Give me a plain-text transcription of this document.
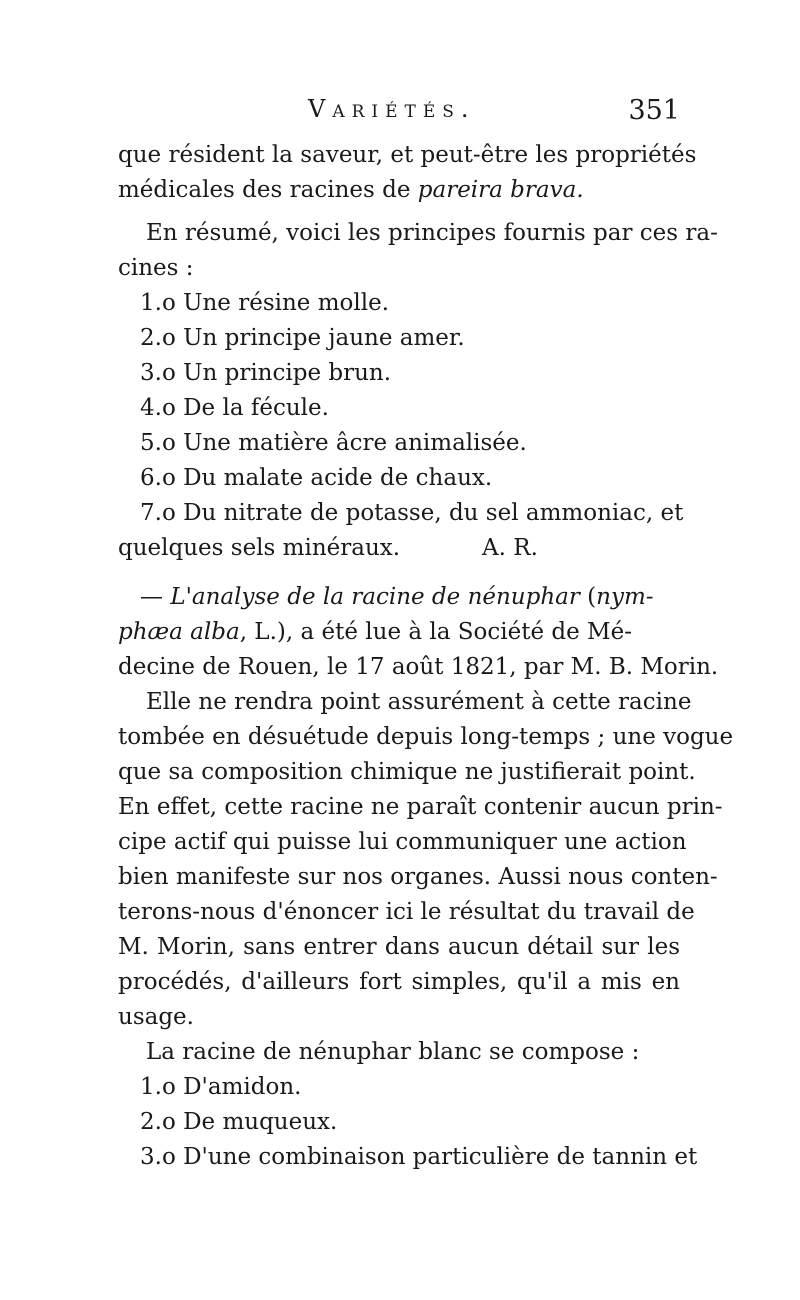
Variétés.	351
que résident la saveur, et peut-être les propriétés
médicales des racines de pareira brava.
En résumé, voici les principes fournis par ces ra-
cines :
1.o Une résine molle.
2.o Un principe jaune amer.
3.o Un principe brun.
4.o De la fécule.
5.o Une matière âcre animalisée.
6.o Du malate acide de chaux.
7.o Du nitrate de potasse, du sel ammoniac, et
quelques sels minéraux.	A. R.
— L'analyse de la racine de nénuphar (nym-
phæa alba, L.), a été lue à la Société de Mé-
decine de Rouen, le 17 août 1821, par M. B. Morin.
Elle ne rendra point assurément à cette racine
tombée en désuétude depuis long-temps ; une vogue
que sa composition chimique ne justifierait point.
En effet, cette racine ne paraît contenir aucun prin-
cipe actif qui puisse lui communiquer une action
bien manifeste sur nos organes. Aussi nous conten-
terons-nous d'énoncer ici le résultat du travail de
M. Morin, sans entrer dans aucun détail sur les
procédés, d'ailleurs fort simples, qu'il a mis en
usage.
La racine de nénuphar blanc se compose :
1.o D'amidon.
2.o De muqueux.
3.o D'une combinaison particulière de tannin et
